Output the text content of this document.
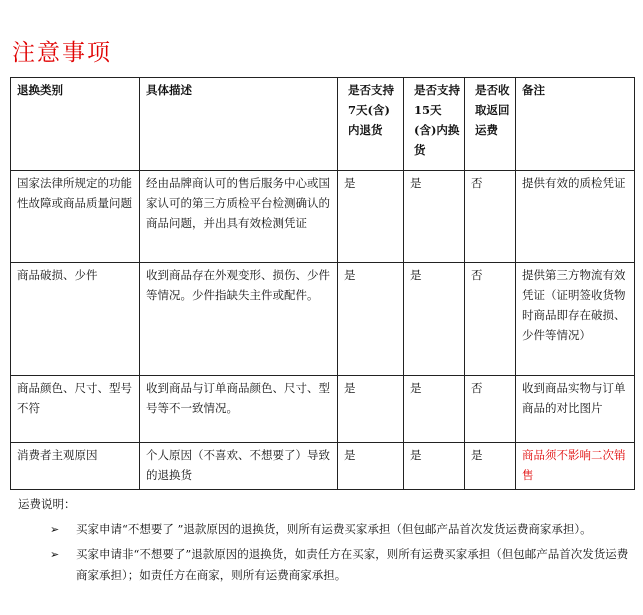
注意事项
退换类别	具体描述	是否支持7天(含)内退货	是否支持15天(含)内换货	是否收取返回运费	备注
国家法律所规定的功能性故障或商品质量问题	经由品牌商认可的售后服务中心或国家认可的第三方质检平台检测确认的商品问题，并出具有效检测凭证	是	是	否	提供有效的质检凭证
商品破损、少件	收到商品存在外观变形、损伤、少件等情况。少件指缺失主件或配件。	是	是	否	提供第三方物流有效凭证（证明签收货物时商品即存在破损、少件等情况）
商品颜色、尺寸、型号不符	收到商品与订单商品颜色、尺寸、型号等不一致情况。	是	是	否	收到商品实物与订单商品的对比图片
消费者主观原因	个人原因（不喜欢、不想要了）导致的退换货	是	是	是	商品须不影响二次销售
运费说明：
➢ 买家申请“不想要了 ”退款原因的退换货，则所有运费买家承担（但包邮产品首次发货运费商家承担）。
➢ 买家申请非“不想要了”退款原因的退换货，如责任方在买家，则所有运费买家承担（但包邮产品首次发货运费商家承担）；如责任方在商家，则所有运费商家承担。
